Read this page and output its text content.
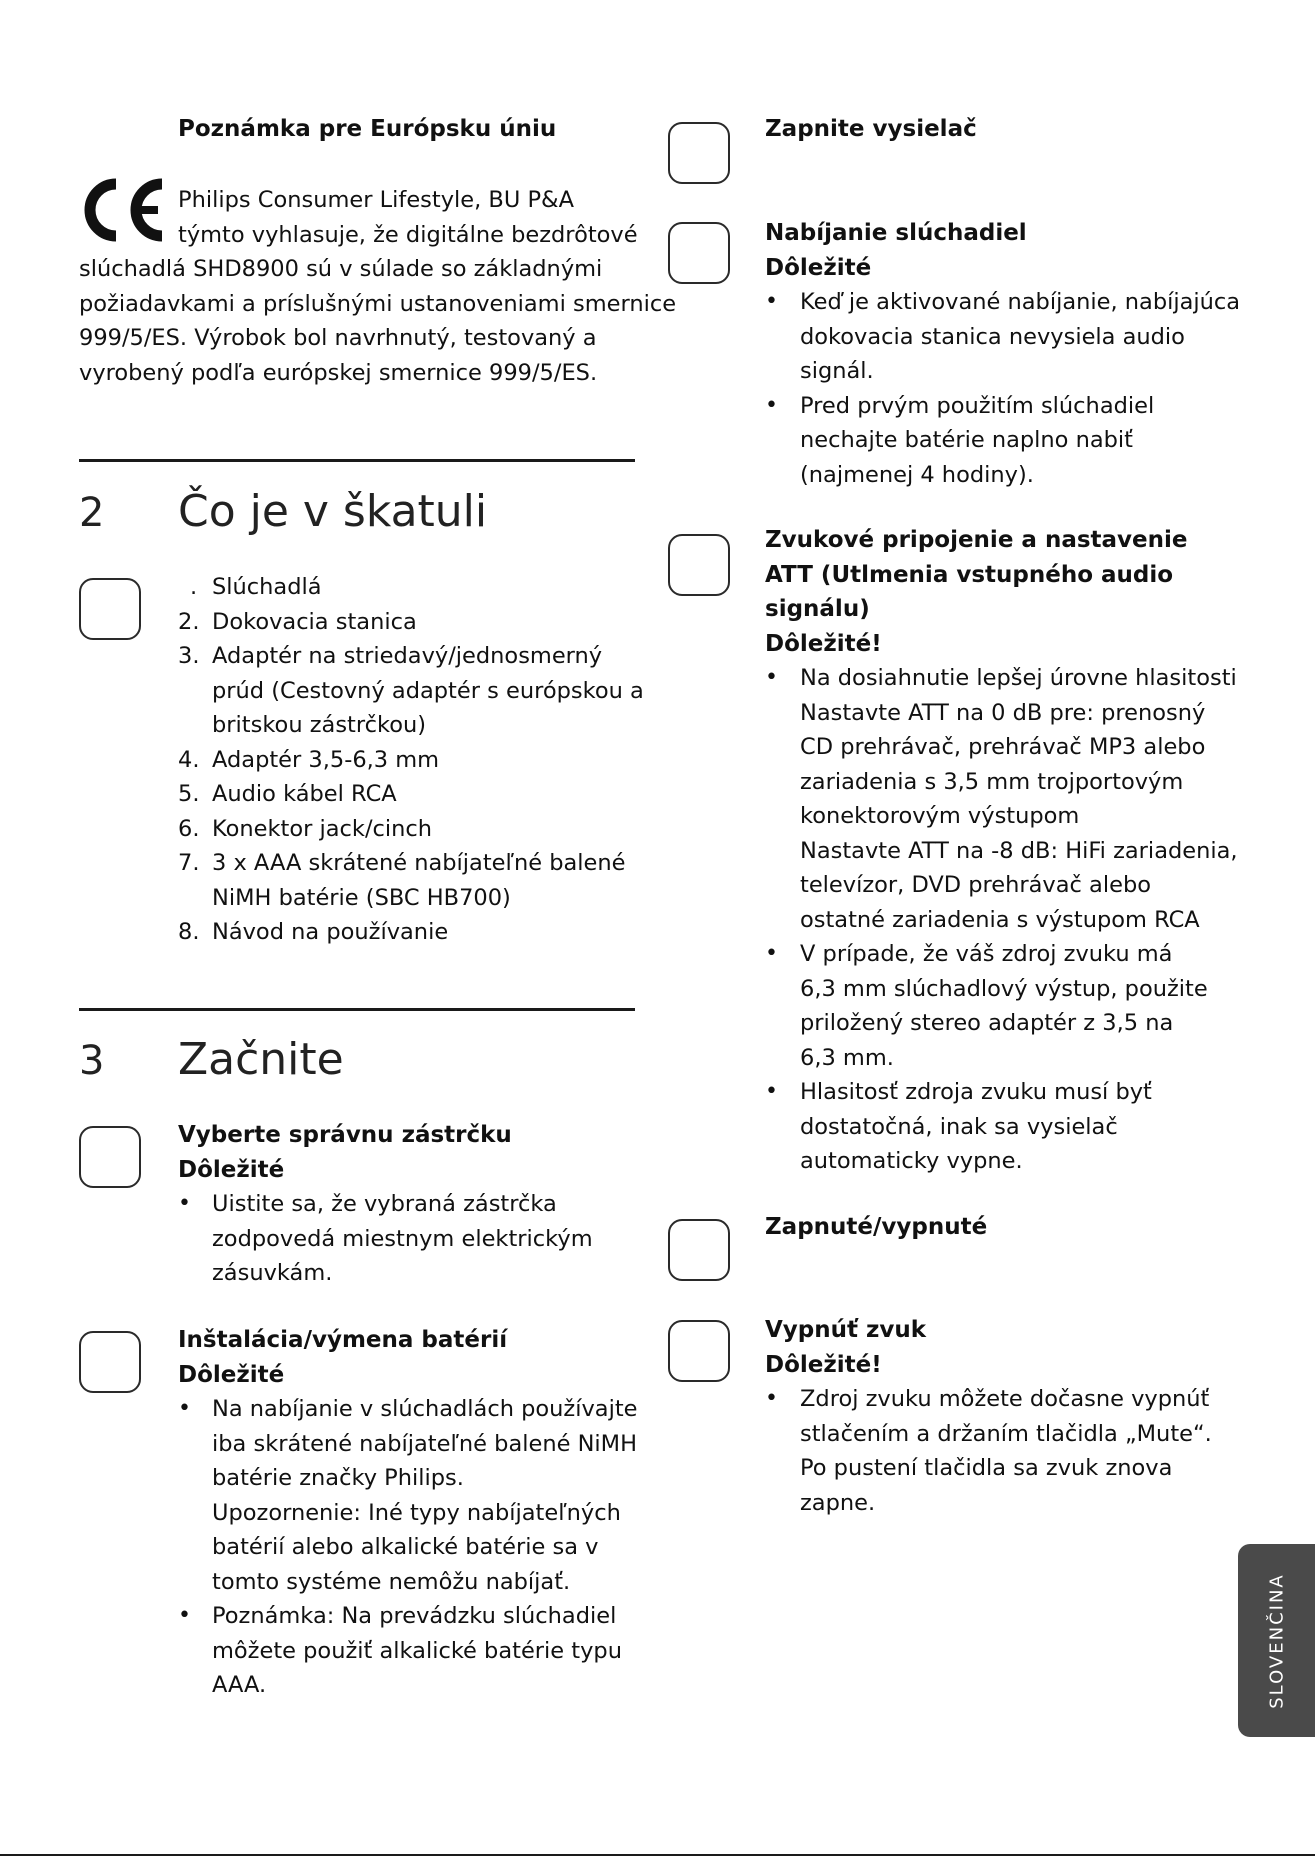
Poznámka pre Európsku úniu
Philips Consumer Lifestyle, BU P&A
týmto vyhlasuje, že digitálne bezdrôtové
slúchadlá SHD8900 sú v súlade so základnými
požiadavkami a príslušnými ustanoveniami smernice
999/5/ES. Výrobok bol navrhnutý, testovaný a
vyrobený podľa európskej smernice 999/5/ES.
2 Čo je v škatuli
. Slúchadlá
2. Dokovacia stanica
3. Adaptér na striedavý/jednosmerný
prúd (Cestovný adaptér s európskou a
britskou zástrčkou)
4. Adaptér 3,5-6,3 mm
5. Audio kábel RCA
6. Konektor jack/cinch
7. 3 x AAA skrátené nabíjateľné balené
NiMH batérie (SBC HB700)
8. Návod na používanie
3 Začnite
Vyberte správnu zástrčku
Dôležité
• Uistite sa, že vybraná zástrčka
zodpovedá miestnym elektrickým
zásuvkám.
Inštalácia/výmena batérií
Dôležité
• Na nabíjanie v slúchadlách používajte
iba skrátené nabíjateľné balené NiMH
batérie značky Philips.
Upozornenie: Iné typy nabíjateľných
batérií alebo alkalické batérie sa v
tomto systéme nemôžu nabíjať.
• Poznámka: Na prevádzku slúchadiel
môžete použiť alkalické batérie typu
AAA.
Zapnite vysielač
Nabíjanie slúchadiel
Dôležité
• Keď je aktivované nabíjanie, nabíjajúca
dokovacia stanica nevysiela audio
signál.
• Pred prvým použitím slúchadiel
nechajte batérie naplno nabiť
(najmenej 4 hodiny).
Zvukové pripojenie a nastavenie
ATT (Utlmenia vstupného audio
signálu)
Dôležité!
• Na dosiahnutie lepšej úrovne hlasitosti
Nastavte ATT na 0 dB pre: prenosný
CD prehrávač, prehrávač MP3 alebo
zariadenia s 3,5 mm trojportovým
konektorovým výstupom
Nastavte ATT na -8 dB: HiFi zariadenia,
televízor, DVD prehrávač alebo
ostatné zariadenia s výstupom RCA
• V prípade, že váš zdroj zvuku má
6,3 mm slúchadlový výstup, použite
priložený stereo adaptér z 3,5 na
6,3 mm.
• Hlasitosť zdroja zvuku musí byť
dostatočná, inak sa vysielač
automaticky vypne.
Zapnuté/vypnuté
Vypnúť zvuk
Dôležité!
• Zdroj zvuku môžete dočasne vypnúť
stlačením a držaním tlačidla „Mute“.
Po pustení tlačidla sa zvuk znova
zapne.
SLOVENČINA
